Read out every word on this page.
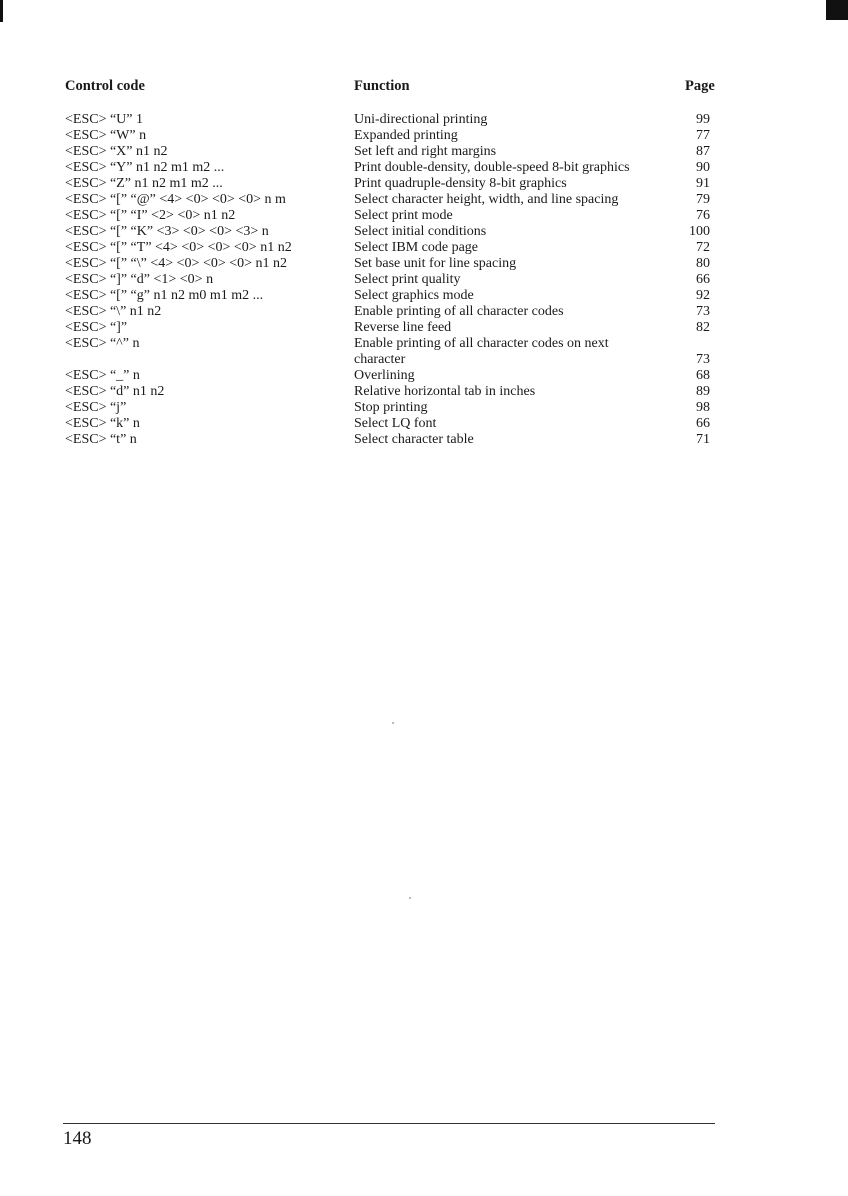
Control code	Function	Page
<ESC> “U” 1	Uni-directional printing	99
<ESC> “W” n	Expanded printing	77
<ESC> “X” n1 n2	Set left and right margins	87
<ESC> “Y” n1 n2 m1 m2 ...	Print double-density, double-speed 8-bit graphics	90
<ESC> “Z” n1 n2 m1 m2 ...	Print quadruple-density 8-bit graphics	91
<ESC> “[” “@” <4> <0> <0> <0> n m	Select character height, width, and line spacing	79
<ESC> “[” “I” <2> <0> n1 n2	Select print mode	76
<ESC> “[” “K” <3> <0> <0> <3> n	Select initial conditions	100
<ESC> “[” “T” <4> <0> <0> <0> n1 n2	Select IBM code page	72
<ESC> “[” “\” <4> <0> <0> <0> n1 n2	Set base unit for line spacing	80
<ESC> “]” “d” <1> <0> n	Select print quality	66
<ESC> “[” “g” n1 n2 m0 m1 m2 ...	Select graphics mode	92
<ESC> “\” n1 n2	Enable printing of all character codes	73
<ESC> “]”	Reverse line feed	82
<ESC> “^” n	Enable printing of all character codes on next character	73
<ESC> “_” n	Overlining	68
<ESC> “d” n1 n2	Relative horizontal tab in inches	89
<ESC> “j”	Stop printing	98
<ESC> “k” n	Select LQ font	66
<ESC> “t” n	Select character table	71
148
